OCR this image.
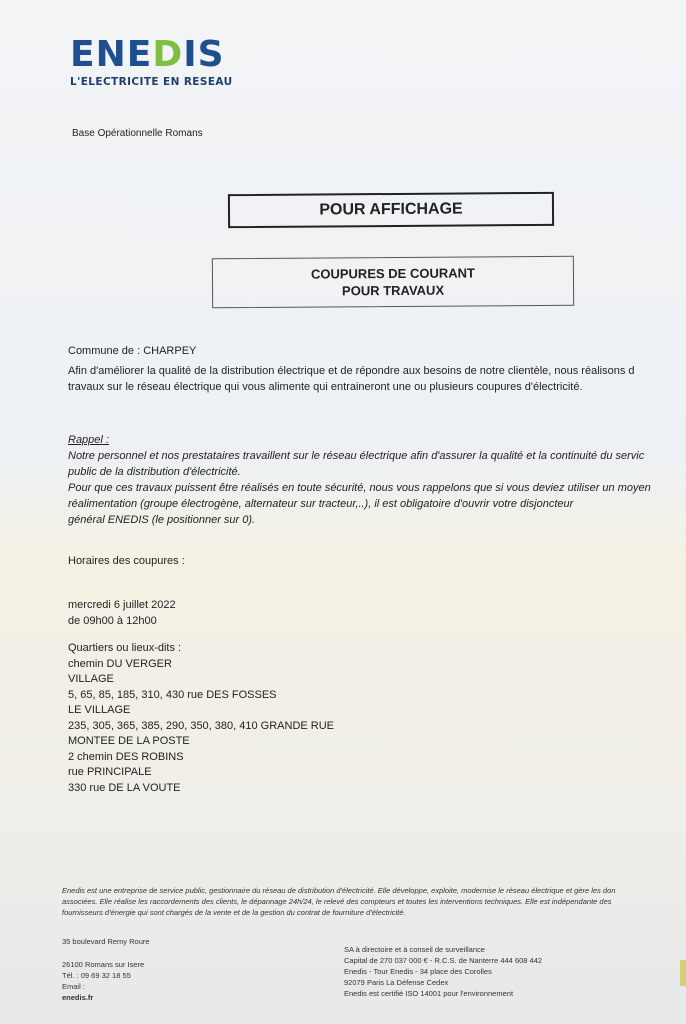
ENEDIS
L'ELECTRICITE EN RESEAU
Base Opérationnelle Romans
POUR AFFICHAGE
COUPURES DE COURANT
POUR TRAVAUX
Commune de : CHARPEY
Afin d'améliorer la qualité de la distribution électrique et de répondre aux besoins de notre clientèle, nous réalisons d
travaux sur le réseau électrique qui vous alimente qui entraineront une ou plusieurs coupures d'électricité.
Rappel :
Notre personnel et nos prestataires travaillent sur le réseau électrique afin d'assurer la qualité et la continuité du servic
public de la distribution d'électricité.
Pour que ces travaux puissent être réalisés en toute sécurité, nous vous rappelons que si vous deviez utiliser un moyen
réalimentation (groupe électrogène, alternateur sur tracteur,..), il est obligatoire d'ouvrir votre disjoncteur
général ENEDIS (le positionner sur 0).
Horaires des coupures :
mercredi 6 juillet 2022
de 09h00 à 12h00
Quartiers ou lieux-dits :
chemin DU VERGER
VILLAGE
5, 65, 85, 185, 310, 430 rue DES FOSSES
LE VILLAGE
235, 305, 365, 385, 290, 350, 380, 410 GRANDE RUE
MONTEE DE LA POSTE
2 chemin DES ROBINS
rue PRINCIPALE
330 rue DE LA VOUTE
Enedis est une entreprise de service public, gestionnaire du réseau de distribution d'électricité. Elle développe, exploite, modernise le réseau électrique et gère les don
associées. Elle réalise les raccordements des clients, le dépannage 24h/24, le relevé des compteurs et toutes les interventions techniques. Elle est indépendante des
fournisseurs d'énergie qui sont chargés de la vente et de la gestion du contrat de fourniture d'électricité.
35 boulevard Remy Roure
26100 Romans sur Isere
Tél. : 09 69 32 18 55
Email :
enedis.fr
SA à directoire et à conseil de surveillance
Capital de 270 037 000 € - R.C.S. de Nanterre 444 608 442
Enedis - Tour Enedis - 34 place des Corolles
92079 Paris La Défense Cedex
Enedis est certifié ISO 14001 pour l'environnement
